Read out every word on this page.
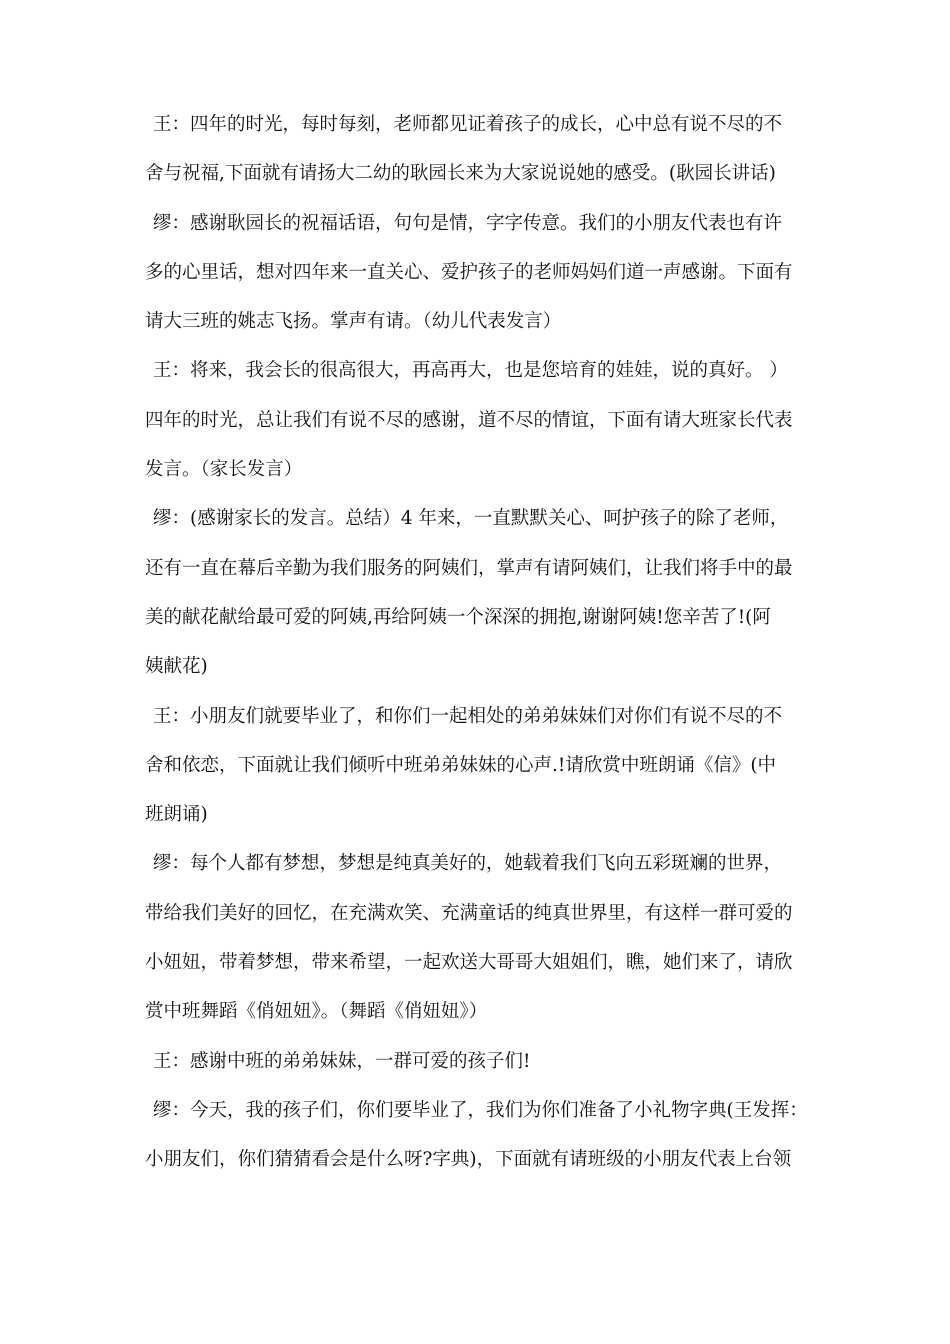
王：四年的时光，每时每刻，老师都见证着孩子的成长，心中总有说不尽的不
舍与祝福,下面就有请扬大二幼的耿园长来为大家说说她的感受。(耿园长讲话)
缪：感谢耿园长的祝福话语，句句是情，字字传意。我们的小朋友代表也有许
多的心里话，想对四年来一直关心、爱护孩子的老师妈妈们道一声感谢。下面有
请大三班的姚志飞扬。掌声有请。（幼儿代表发言）
王：将来，我会长的很高很大，再高再大，也是您培育的娃娃，说的真好。 ）
四年的时光，总让我们有说不尽的感谢，道不尽的情谊，下面有请大班家长代表
发言。（家长发言）
缪：(感谢家长的发言。总结）4 年来，一直默默关心、呵护孩子的除了老师，
还有一直在幕后辛勤为我们服务的阿姨们，掌声有请阿姨们，让我们将手中的最
美的献花献给最可爱的阿姨,再给阿姨一个深深的拥抱,谢谢阿姨!您辛苦了!(阿
姨献花)
王：小朋友们就要毕业了，和你们一起相处的弟弟妹妹们对你们有说不尽的不
舍和依恋，下面就让我们倾听中班弟弟妹妹的心声.!请欣赏中班朗诵《信》(中
班朗诵)
缪：每个人都有梦想，梦想是纯真美好的，她载着我们飞向五彩斑斓的世界，
带给我们美好的回忆，在充满欢笑、充满童话的纯真世界里，有这样一群可爱的
小妞妞，带着梦想，带来希望，一起欢送大哥哥大姐姐们，瞧，她们来了，请欣
赏中班舞蹈《俏妞妞》。（舞蹈《俏妞妞》）
王：感谢中班的弟弟妹妹，一群可爱的孩子们!
缪：今天，我的孩子们，你们要毕业了，我们为你们准备了小礼物字典(王发挥：
小朋友们，你们猜猜看会是什么呀?字典)，下面就有请班级的小朋友代表上台领
